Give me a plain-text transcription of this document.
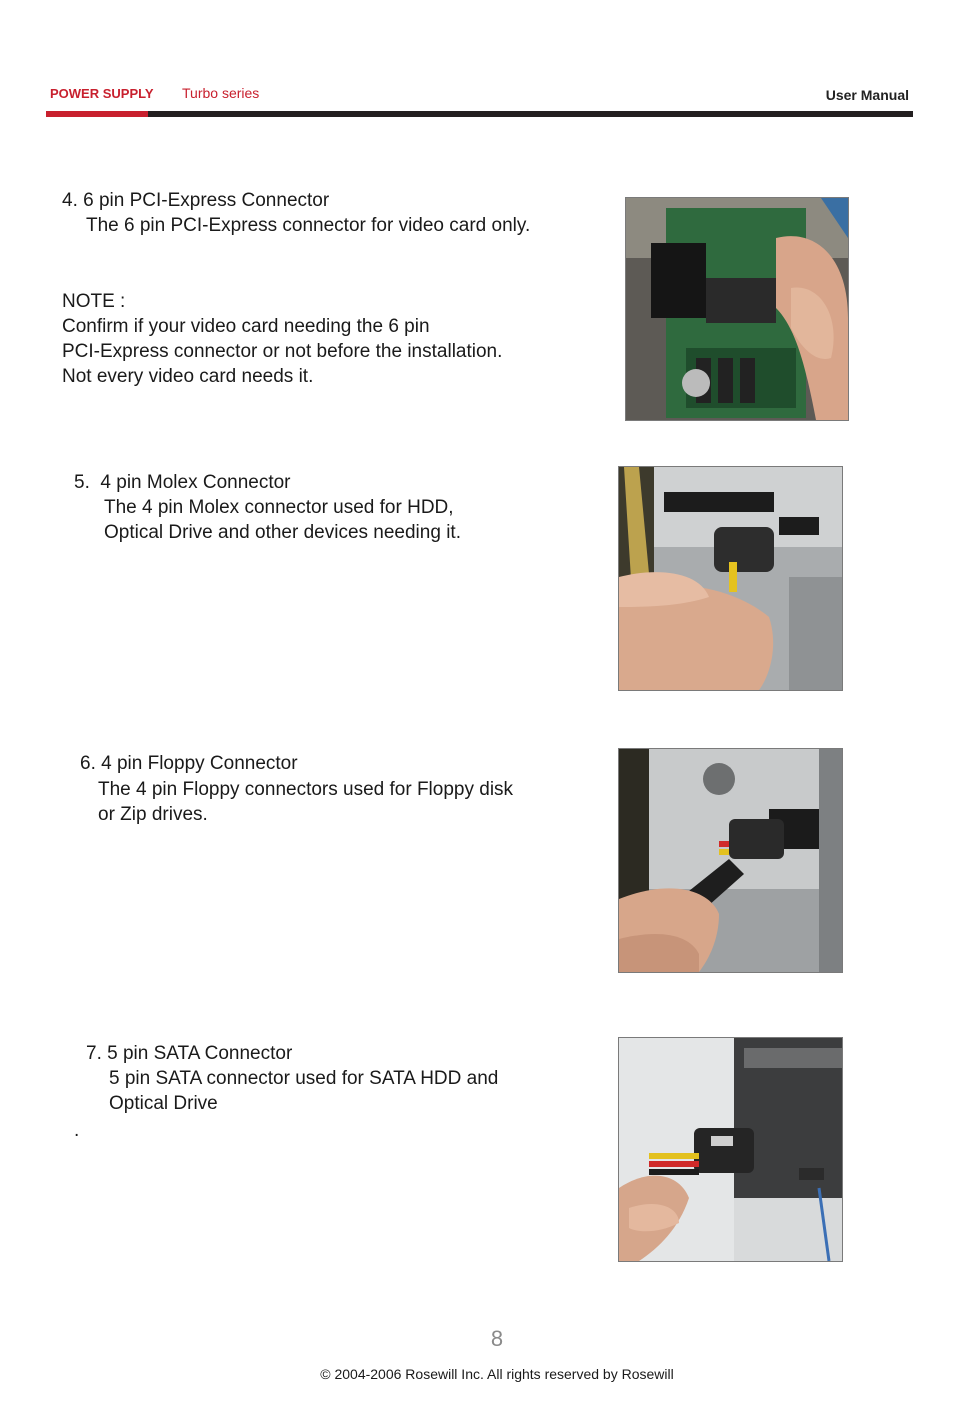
POWER SUPPLY Turbo series	User Manual
4. 6 pin PCI-Express Connector
The 6 pin PCI-Express connector for video card only.
NOTE :
Confirm if your video card needing the 6 pin
PCI-Express connector or not before the installation.
Not every video card needs it.
5.  4 pin Molex Connector
The 4 pin Molex connector used for HDD,
Optical Drive and other devices needing it.
6. 4 pin Floppy Connector
The 4 pin Floppy connectors used for Floppy disk
or Zip drives.
7. 5 pin SATA Connector
5 pin SATA connector used for SATA HDD and
Optical Drive
.
8
© 2004-2006 Rosewill Inc. All rights reserved by Rosewill
